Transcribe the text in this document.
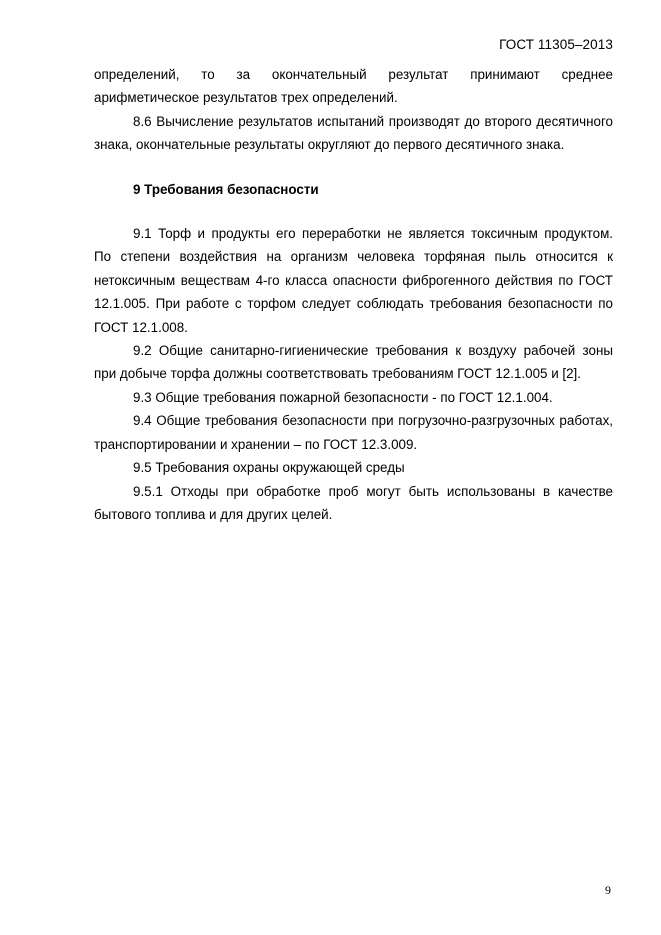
ГОСТ 11305–2013
определений, то за окончательный результат принимают среднее
арифметическое результатов трех определений.
8.6 Вычисление результатов испытаний производят до второго десятичного
знака, окончательные результаты округляют до первого десятичного знака.
9 Требования безопасности
9.1 Торф и продукты его переработки не является токсичным продуктом.
По степени воздействия на организм человека торфяная пыль относится к
нетоксичным веществам 4-го класса опасности фиброгенного действия по ГОСТ
12.1.005. При работе с торфом следует соблюдать требования безопасности по
ГОСТ 12.1.008.
9.2 Общие санитарно-гигиенические требования к воздуху рабочей зоны
при добыче торфа должны соответствовать требованиям ГОСТ 12.1.005 и [2].
9.3 Общие требования пожарной безопасности - по ГОСТ 12.1.004.
9.4 Общие требования безопасности при погрузочно-разгрузочных работах,
транспортировании и хранении – по ГОСТ 12.3.009.
9.5 Требования охраны окружающей среды
9.5.1 Отходы при обработке проб могут быть использованы в качестве
бытового топлива и для других целей.
9
